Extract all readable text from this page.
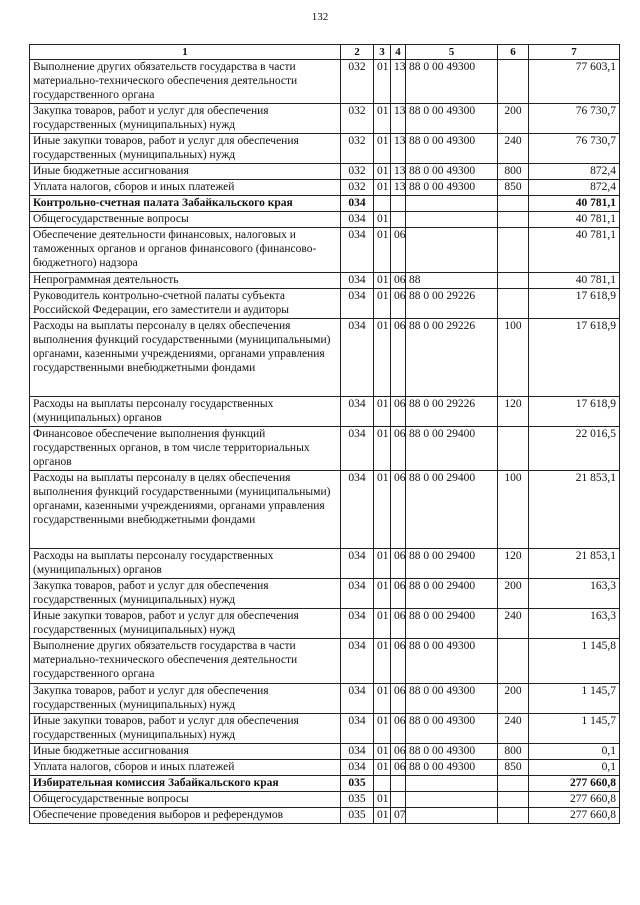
132
1	2	3	4	5	6	7
Выполнение других обязательств государства в части материально-технического обеспечения деятельности государственного органа	032	01	13	88 0 00 49300		77 603,1
Закупка товаров, работ и услуг для обеспечения государственных (муниципальных) нужд	032	01	13	88 0 00 49300	200	76 730,7
Иные закупки товаров, работ и услуг для обеспечения государственных (муниципальных) нужд	032	01	13	88 0 00 49300	240	76 730,7
Иные бюджетные ассигнования	032	01	13	88 0 00 49300	800	872,4
Уплата налогов, сборов и иных платежей	032	01	13	88 0 00 49300	850	872,4
Контрольно-счетная палата Забайкальского края	034					40 781,1
Общегосударственные вопросы	034	01				40 781,1
Обеспечение деятельности финансовых, налоговых и таможенных органов и органов финансового (финансово-бюджетного) надзора	034	01	06			40 781,1
Непрограммная деятельность	034	01	06	88		40 781,1
Руководитель контрольно-счетной палаты субъекта Российской Федерации, его заместители и аудиторы	034	01	06	88 0 00 29226		17 618,9
Расходы на выплаты персоналу в целях обеспечения выполнения функций государственными (муниципальными) органами, казенными учреждениями, органами управления государственными внебюджетными фондами	034	01	06	88 0 00 29226	100	17 618,9
Расходы на выплаты персоналу государственных (муниципальных) органов	034	01	06	88 0 00 29226	120	17 618,9
Финансовое обеспечение выполнения функций государственных органов, в том числе территориальных органов	034	01	06	88 0 00 29400		22 016,5
Расходы на выплаты персоналу в целях обеспечения выполнения функций государственными (муниципальными) органами, казенными учреждениями, органами управления государственными внебюджетными фондами	034	01	06	88 0 00 29400	100	21 853,1
Расходы на выплаты персоналу государственных (муниципальных) органов	034	01	06	88 0 00 29400	120	21 853,1
Закупка товаров, работ и услуг для обеспечения государственных (муниципальных) нужд	034	01	06	88 0 00 29400	200	163,3
Иные закупки товаров, работ и услуг для обеспечения государственных (муниципальных) нужд	034	01	06	88 0 00 29400	240	163,3
Выполнение других обязательств государства в части материально-технического обеспечения деятельности государственного органа	034	01	06	88 0 00 49300		1 145,8
Закупка товаров, работ и услуг для обеспечения государственных (муниципальных) нужд	034	01	06	88 0 00 49300	200	1 145,7
Иные закупки товаров, работ и услуг для обеспечения государственных (муниципальных) нужд	034	01	06	88 0 00 49300	240	1 145,7
Иные бюджетные ассигнования	034	01	06	88 0 00 49300	800	0,1
Уплата налогов, сборов и иных платежей	034	01	06	88 0 00 49300	850	0,1
Избирательная комиссия Забайкальского края	035					277 660,8
Общегосударственные вопросы	035	01				277 660,8
Обеспечение проведения выборов и референдумов	035	01	07			277 660,8
